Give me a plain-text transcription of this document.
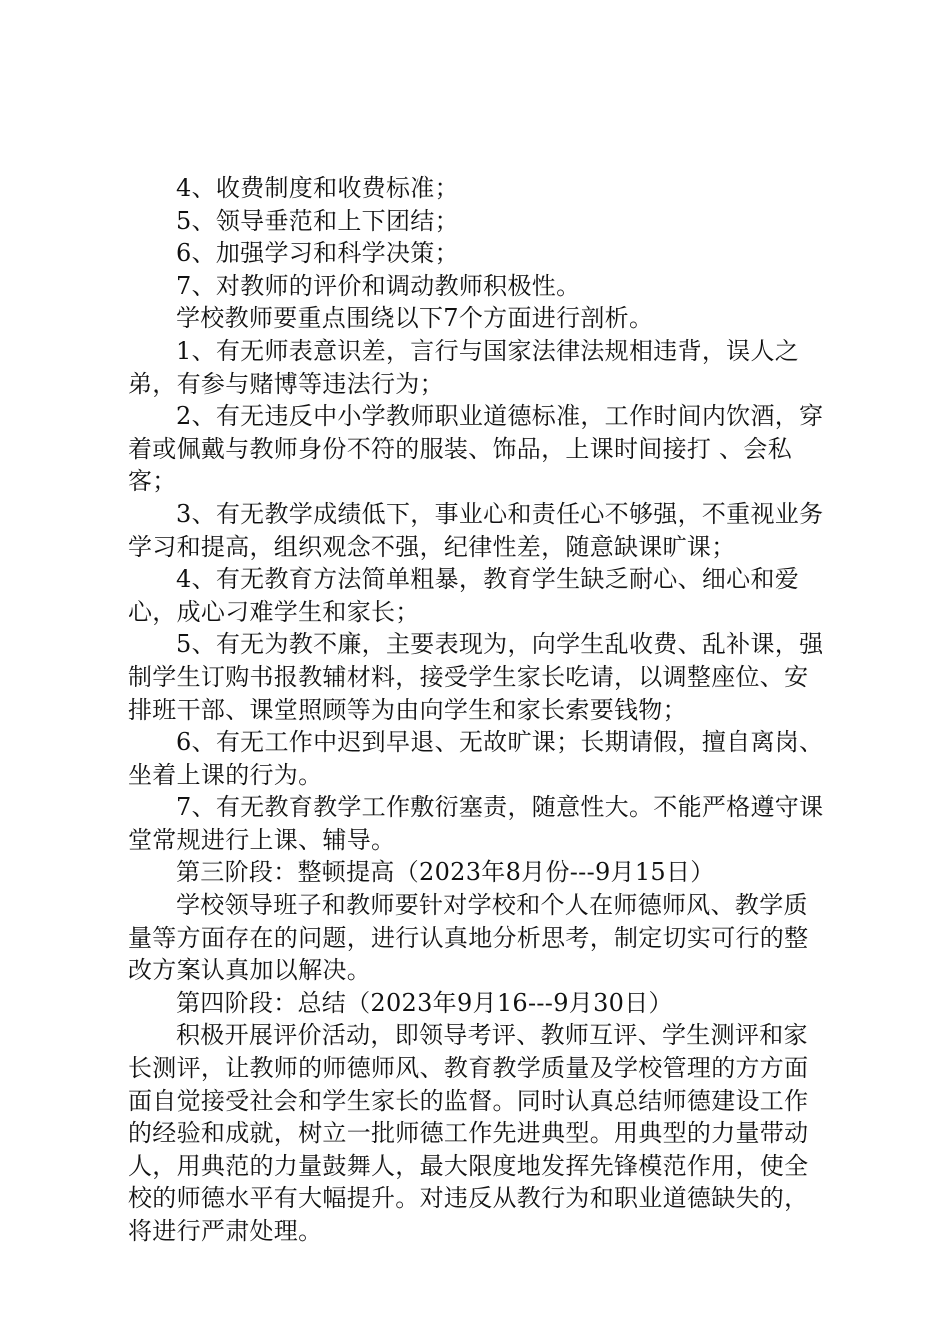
4、收费制度和收费标准；

5、领导垂范和上下团结；

6、加强学习和科学决策；

7、对教师的评价和调动教师积极性。

学校教师要重点围绕以下7个方面进行剖析。

1、有无师表意识差，言行与国家法律法规相违背，误人之弟，有参与赌博等违法行为；

2、有无违反中小学教师职业道德标准，工作时间内饮酒，穿着或佩戴与教师身份不符的服装、饰品，上课时间接打 、会私客；

3、有无教学成绩低下，事业心和责任心不够强，不重视业务学习和提高，组织观念不强，纪律性差，随意缺课旷课；

4、有无教育方法简单粗暴，教育学生缺乏耐心、细心和爱心，成心刁难学生和家长；

5、有无为教不廉，主要表现为，向学生乱收费、乱补课，强制学生订购书报教辅材料，接受学生家长吃请，以调整座位、安排班干部、课堂照顾等为由向学生和家长索要钱物；

6、有无工作中迟到早退、无故旷课；长期请假，擅自离岗、坐着上课的行为。

7、有无教育教学工作敷衍塞责，随意性大。不能严格遵守课堂常规进行上课、辅导。

第三阶段：整顿提高（2023年8月份---9月15日）

学校领导班子和教师要针对学校和个人在师德师风、教学质量等方面存在的问题，进行认真地分析思考，制定切实可行的整改方案认真加以解决。

第四阶段：总结（2023年9月16---9月30日）

积极开展评价活动，即领导考评、教师互评、学生测评和家长测评，让教师的师德师风、教育教学质量及学校管理的方方面面自觉接受社会和学生家长的监督。同时认真总结师德建设工作的经验和成就，树立一批师德工作先进典型。用典型的力量带动人，用典范的力量鼓舞人，最大限度地发挥先锋模范作用，使全校的师德水平有大幅提升。对违反从教行为和职业道德缺失的，将进行严肃处理。
